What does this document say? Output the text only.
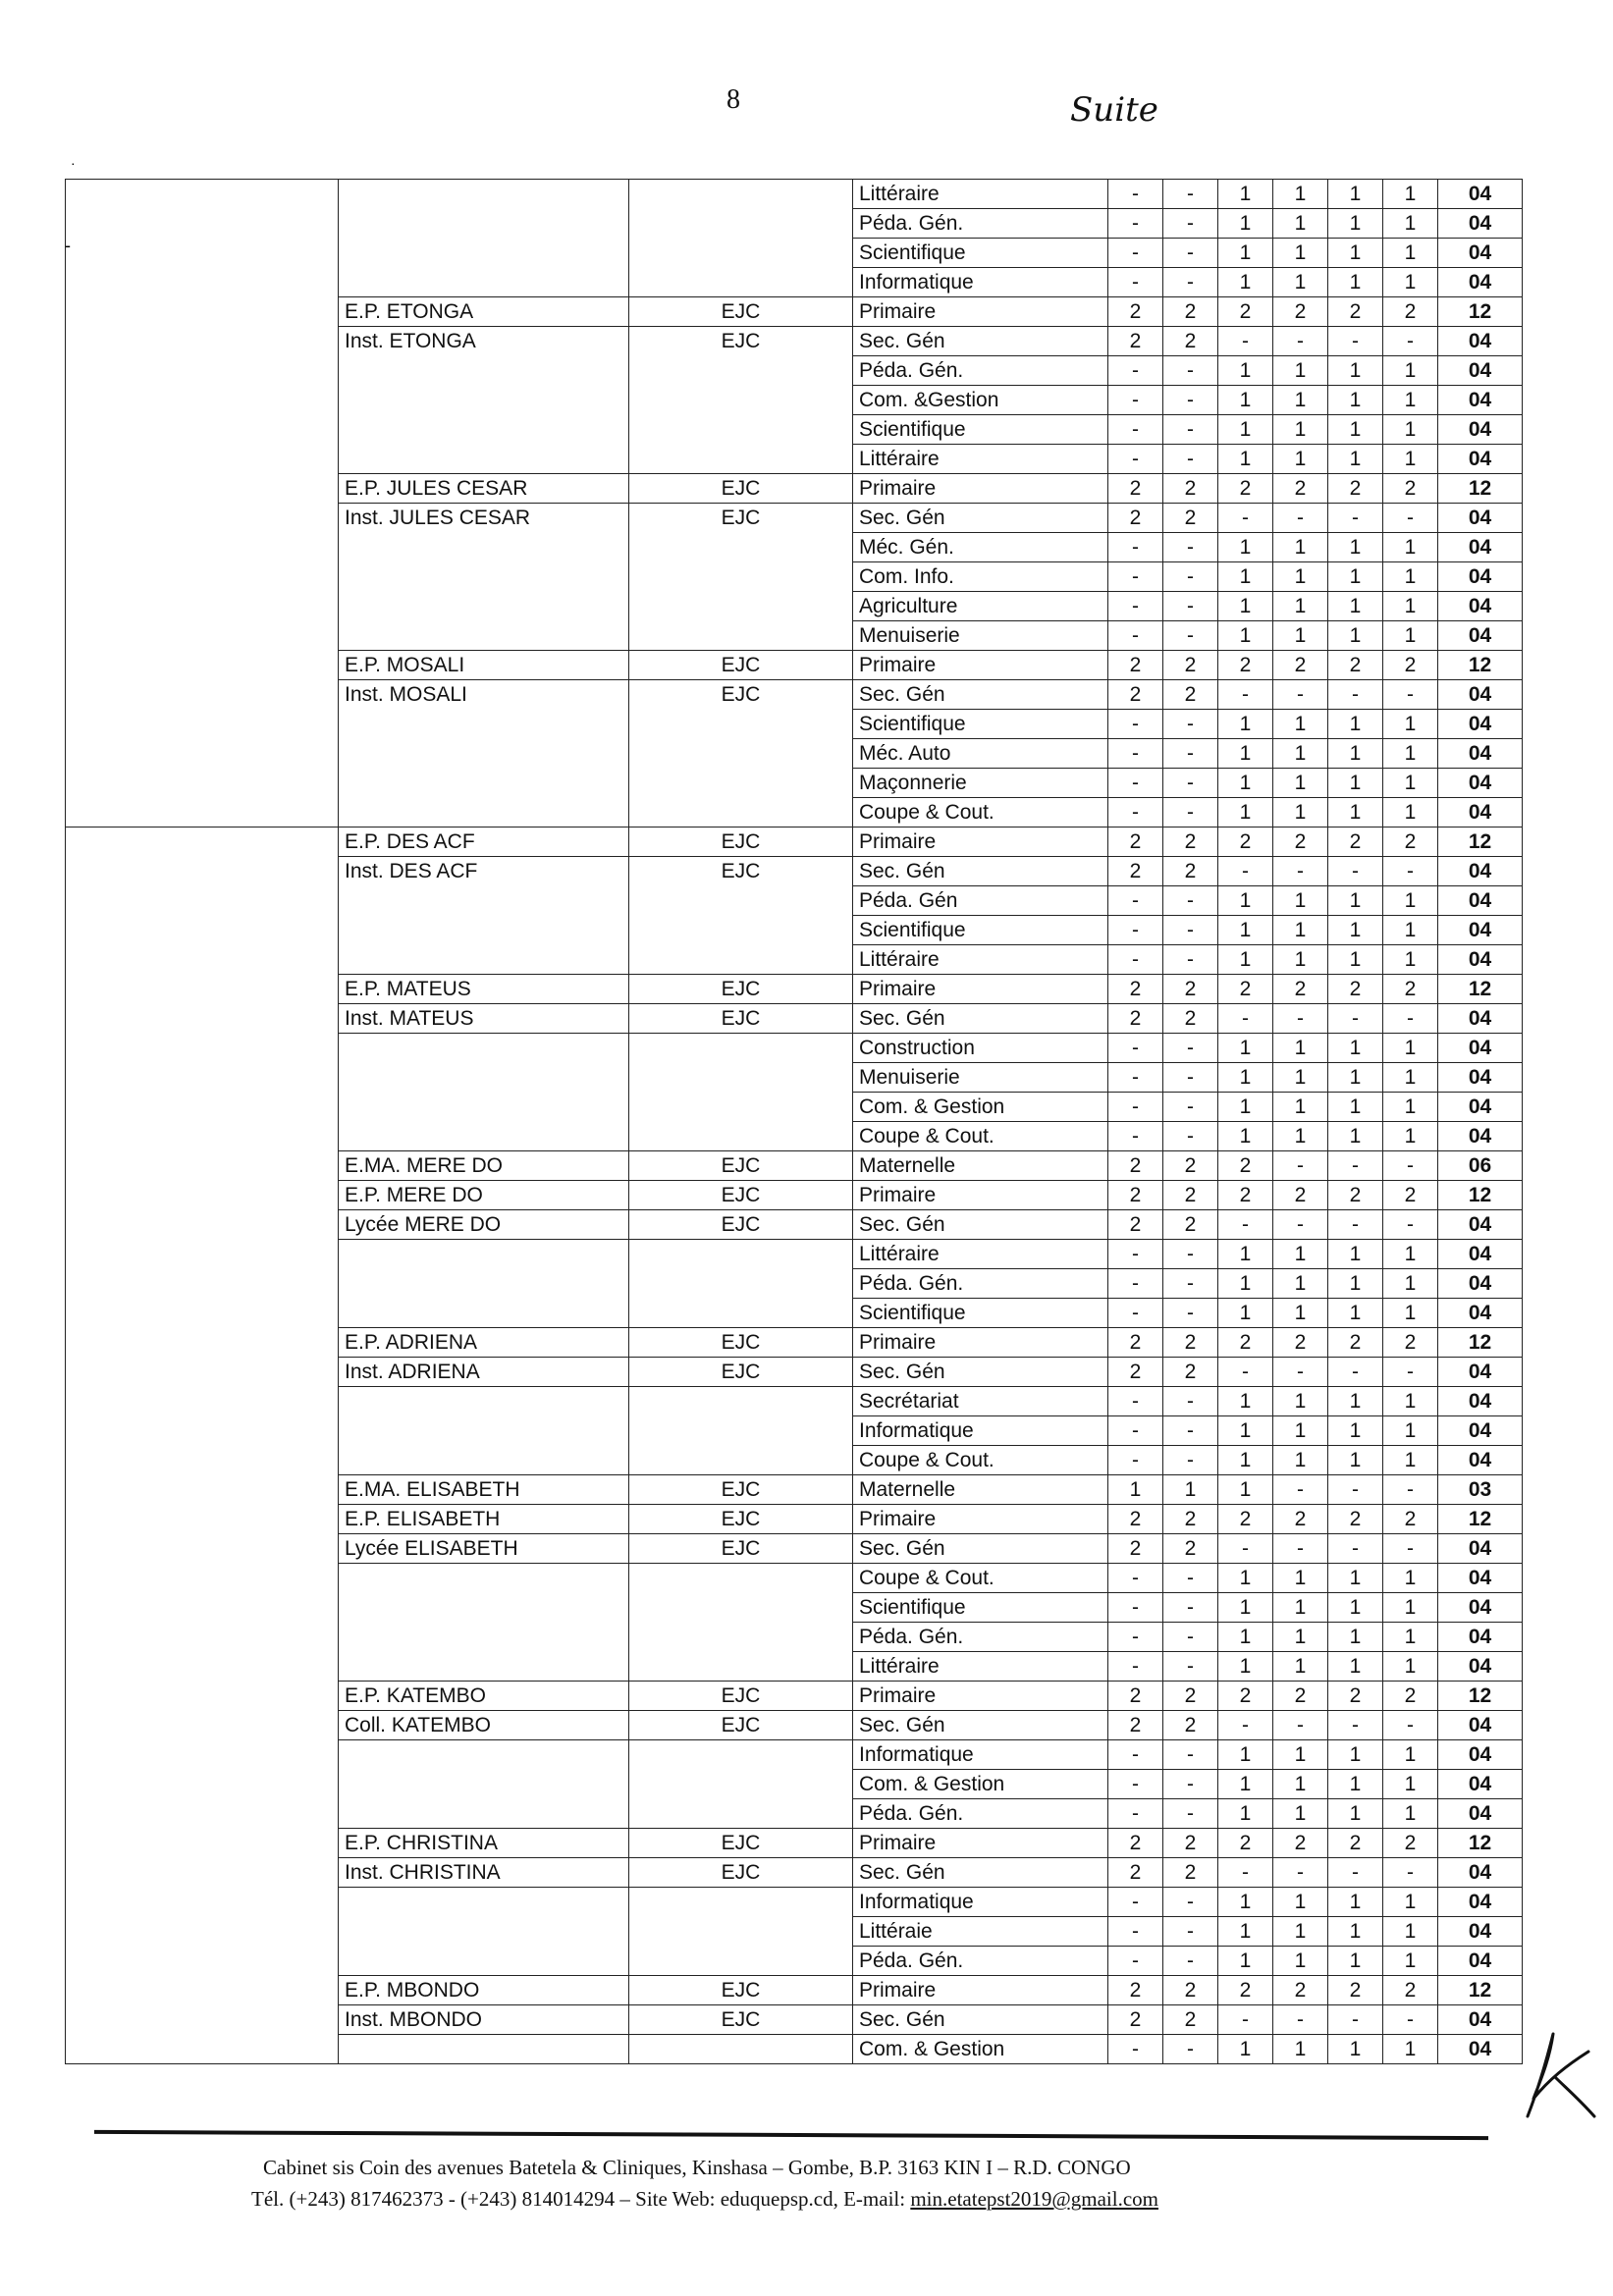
8	Suite
·
-
			Littéraire	-	-	1	1	1	1	04
			Péda. Gén.	-	-	1	1	1	1	04
			Scientifique	-	-	1	1	1	1	04
			Informatique	-	-	1	1	1	1	04
	E.P. ETONGA	EJC	Primaire	2	2	2	2	2	2	12
	Inst. ETONGA	EJC	Sec. Gén	2	2	-	-	-	-	04
			Péda. Gén.	-	-	1	1	1	1	04
			Com. &Gestion	-	-	1	1	1	1	04
			Scientifique	-	-	1	1	1	1	04
			Littéraire	-	-	1	1	1	1	04
	E.P. JULES CESAR	EJC	Primaire	2	2	2	2	2	2	12
	Inst. JULES CESAR	EJC	Sec. Gén	2	2	-	-	-	-	04
			Méc. Gén.	-	-	1	1	1	1	04
			Com. Info.	-	-	1	1	1	1	04
			Agriculture	-	-	1	1	1	1	04
			Menuiserie	-	-	1	1	1	1	04
	E.P. MOSALI	EJC	Primaire	2	2	2	2	2	2	12
	Inst. MOSALI	EJC	Sec. Gén	2	2	-	-	-	-	04
			Scientifique	-	-	1	1	1	1	04
			Méc. Auto	-	-	1	1	1	1	04
			Maçonnerie	-	-	1	1	1	1	04
			Coupe & Cout.	-	-	1	1	1	1	04
	E.P. DES ACF	EJC	Primaire	2	2	2	2	2	2	12
	Inst. DES ACF	EJC	Sec. Gén	2	2	-	-	-	-	04
			Péda. Gén	-	-	1	1	1	1	04
			Scientifique	-	-	1	1	1	1	04
			Littéraire	-	-	1	1	1	1	04
	E.P. MATEUS	EJC	Primaire	2	2	2	2	2	2	12
	Inst. MATEUS	EJC	Sec. Gén	2	2	-	-	-	-	04
			Construction	-	-	1	1	1	1	04
			Menuiserie	-	-	1	1	1	1	04
			Com. & Gestion	-	-	1	1	1	1	04
			Coupe & Cout.	-	-	1	1	1	1	04
	E.MA. MERE DO	EJC	Maternelle	2	2	2	-	-	-	06
	E.P. MERE DO	EJC	Primaire	2	2	2	2	2	2	12
	Lycée MERE DO	EJC	Sec. Gén	2	2	-	-	-	-	04
			Littéraire	-	-	1	1	1	1	04
			Péda. Gén.	-	-	1	1	1	1	04
			Scientifique	-	-	1	1	1	1	04
	E.P. ADRIENA	EJC	Primaire	2	2	2	2	2	2	12
	Inst. ADRIENA	EJC	Sec. Gén	2	2	-	-	-	-	04
			Secrétariat	-	-	1	1	1	1	04
			Informatique	-	-	1	1	1	1	04
			Coupe & Cout.	-	-	1	1	1	1	04
	E.MA. ELISABETH	EJC	Maternelle	1	1	1	-	-	-	03
	E.P. ELISABETH	EJC	Primaire	2	2	2	2	2	2	12
	Lycée ELISABETH	EJC	Sec. Gén	2	2	-	-	-	-	04
			Coupe & Cout.	-	-	1	1	1	1	04
			Scientifique	-	-	1	1	1	1	04
			Péda. Gén.	-	-	1	1	1	1	04
			Littéraire	-	-	1	1	1	1	04
	E.P. KATEMBO	EJC	Primaire	2	2	2	2	2	2	12
	Coll. KATEMBO	EJC	Sec. Gén	2	2	-	-	-	-	04
			Informatique	-	-	1	1	1	1	04
			Com. & Gestion	-	-	1	1	1	1	04
			Péda. Gén.	-	-	1	1	1	1	04
	E.P. CHRISTINA	EJC	Primaire	2	2	2	2	2	2	12
	Inst. CHRISTINA	EJC	Sec. Gén	2	2	-	-	-	-	04
			Informatique	-	-	1	1	1	1	04
			Littéraie	-	-	1	1	1	1	04
			Péda. Gén.	-	-	1	1	1	1	04
	E.P. MBONDO	EJC	Primaire	2	2	2	2	2	2	12
	Inst. MBONDO	EJC	Sec. Gén	2	2	-	-	-	-	04
			Com. & Gestion	-	-	1	1	1	1	04
Cabinet sis Coin des avenues Batetela & Cliniques, Kinshasa – Gombe, B.P. 3163 KIN I – R.D. CONGO
Tél. (+243) 817462373 - (+243) 814014294 – Site Web: eduquepsp.cd, E-mail: min.etatepst2019@gmail.com
